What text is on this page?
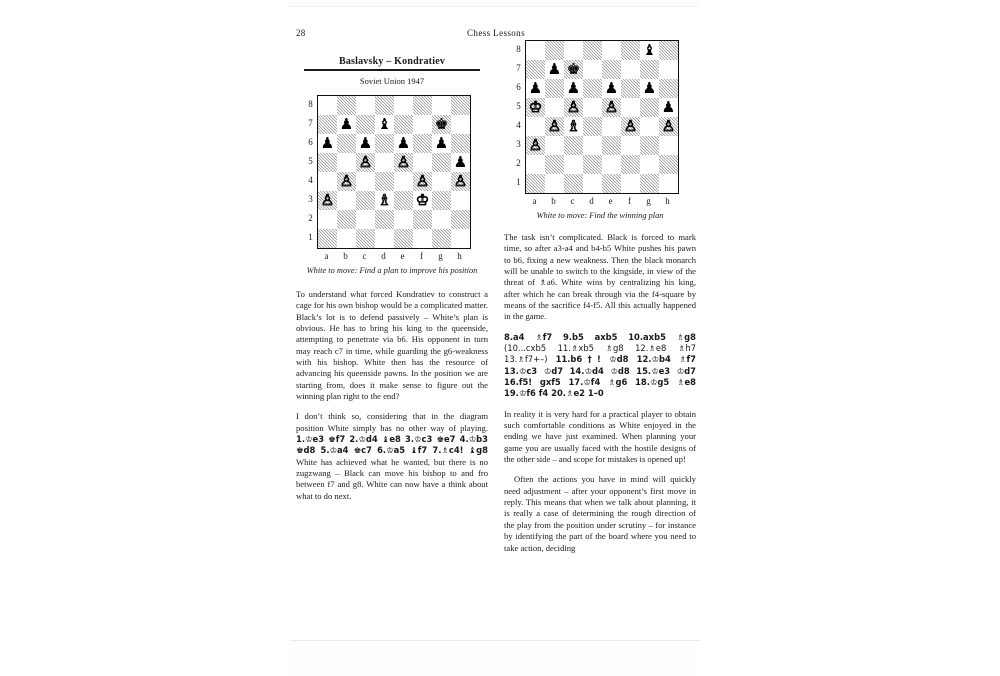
28	Chess Lessons
Baslavsky – Kondratiev
Soviet Union 1947
8
7
6
5
4
3
2
1
♟ ♝	♚
♟ ♟ ♟ ♟
♙ ♙	♟
♙	♙ ♙
♙	♗ ♔
a	b	c	d	e	f	g	h
White to move: Find a plan to improve his position

To understand what forced Kondratiev to construct a cage for his own bishop would be a complicated matter. Black’s lot is to defend passively – White’s plan is obvious. He has to bring his king to the queenside, attempting to penetrate via b6. His opponent in turn may reach c7 in time, while guarding the g6-weakness with his bishop. White then has the resource of advancing his queenside pawns. In the position we are starting from, does it make sense to figure out the winning plan right to the end?

I don’t think so, considering that in the diagram position White simply has no other way of playing. 1.♔e3 ♚f7 2.♔d4 ♝e8 3.♔c3 ♚e7 4.♔b3 ♚d8 5.♔a4 ♚c7 6.♔a5 ♝f7 7.♗c4! ♝g8 White has achieved what he wanted, but there is no zugzwang – Black can move his bishop to and fro between f7 and g8. White can now have a think about what to do next.

8
7
6
5
4
3
2
1
♝
♟ ♚
♟ ♟ ♟ ♟
♔ ♙ ♙	♟
♙ ♗	♙ ♙
♙
a	b	c	d	e	f	g	h
White to move: Find the winning plan

The task isn’t complicated. Black is forced to mark time, so after a3-a4 and b4-b5 White pushes his pawn to b6, fixing a new weakness. Then the black monarch will be unable to switch to the kingside, in view of the threat of ♗a6. White wins by centralizing his king, after which he can break through via the f4-square by means of the sacrifice f4-f5. All this actually happened in the game.

8.a4 ♗f7 9.b5 axb5 10.axb5 ♗g8 (10...cxb5 11.♗xb5 ♗g8 12.♗e8 ♗h7 13.♗f7+–) 11.b6†! ♔d8 12.♔b4 ♗f7 13.♔c3 ♔d7 14.♔d4 ♔d8 15.♔e3 ♔d7 16.f5! gxf5 17.♔f4 ♗g6 18.♔g5 ♗e8 19.♔f6 f4 20.♗e2 1–0

In reality it is very hard for a practical player to obtain such comfortable conditions as White enjoyed in the ending we have just examined. When planning your game you are usually faced with the hostile designs of the other side – and scope for mistakes is opened up!

Often the actions you have in mind will quickly need adjustment – after your opponent’s first move in reply. This means that when we talk about planning, it is really a case of determining the rough direction of the play from the position under scrutiny – for instance by identifying the part of the board where you need to take action, deciding
